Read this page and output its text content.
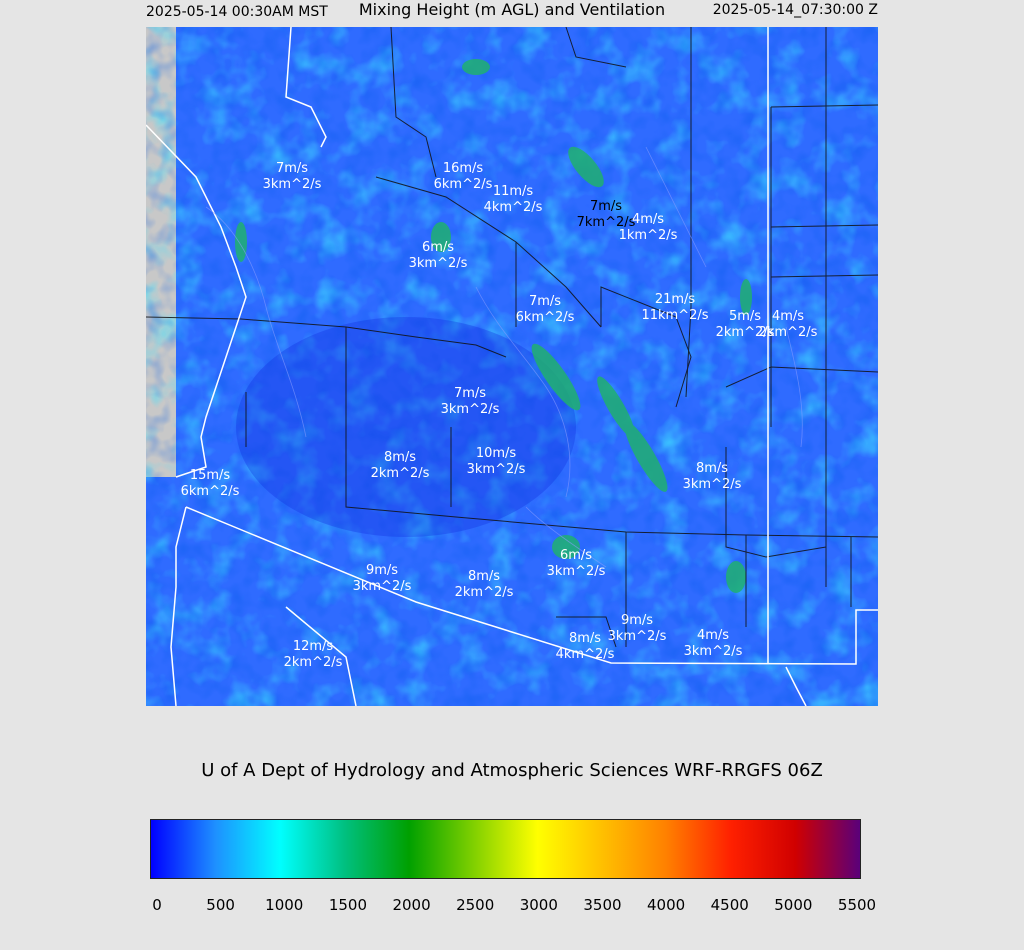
2025-05-14 00:30AM MST	Mixing Height (m AGL) and Ventilation	2025-05-14_07:30:00 Z
7m/s
3km^2/s
16m/s
6km^2/s 11m/s
4km^2/s	7m/s
7km^2/s
4m/s
1km^2/s
6m/s
3km^2/s
7m/s
6km^2/s
21m/s
11km^2/s 5m/s
2km^2/s
4m/s
2km^2/s
7m/s
3km^2/s
8m/s
2km^2/s
10m/s
3km^2/s
15m/s
6km^2/s
8m/s
3km^2/s
6m/s
3km^2/s
9m/s
3km^2/s
8m/s
2km^2/s
9m/s
3km^2/s
8m/s
4km^2/s
4m/s
3km^2/s
12m/s
2km^2/s
U of A Dept of Hydrology and Atmospheric Sciences WRF-RRGFS 06Z
0	500 1000 1500 2000 2500 3000 3500 4000 4500 5000 5500
